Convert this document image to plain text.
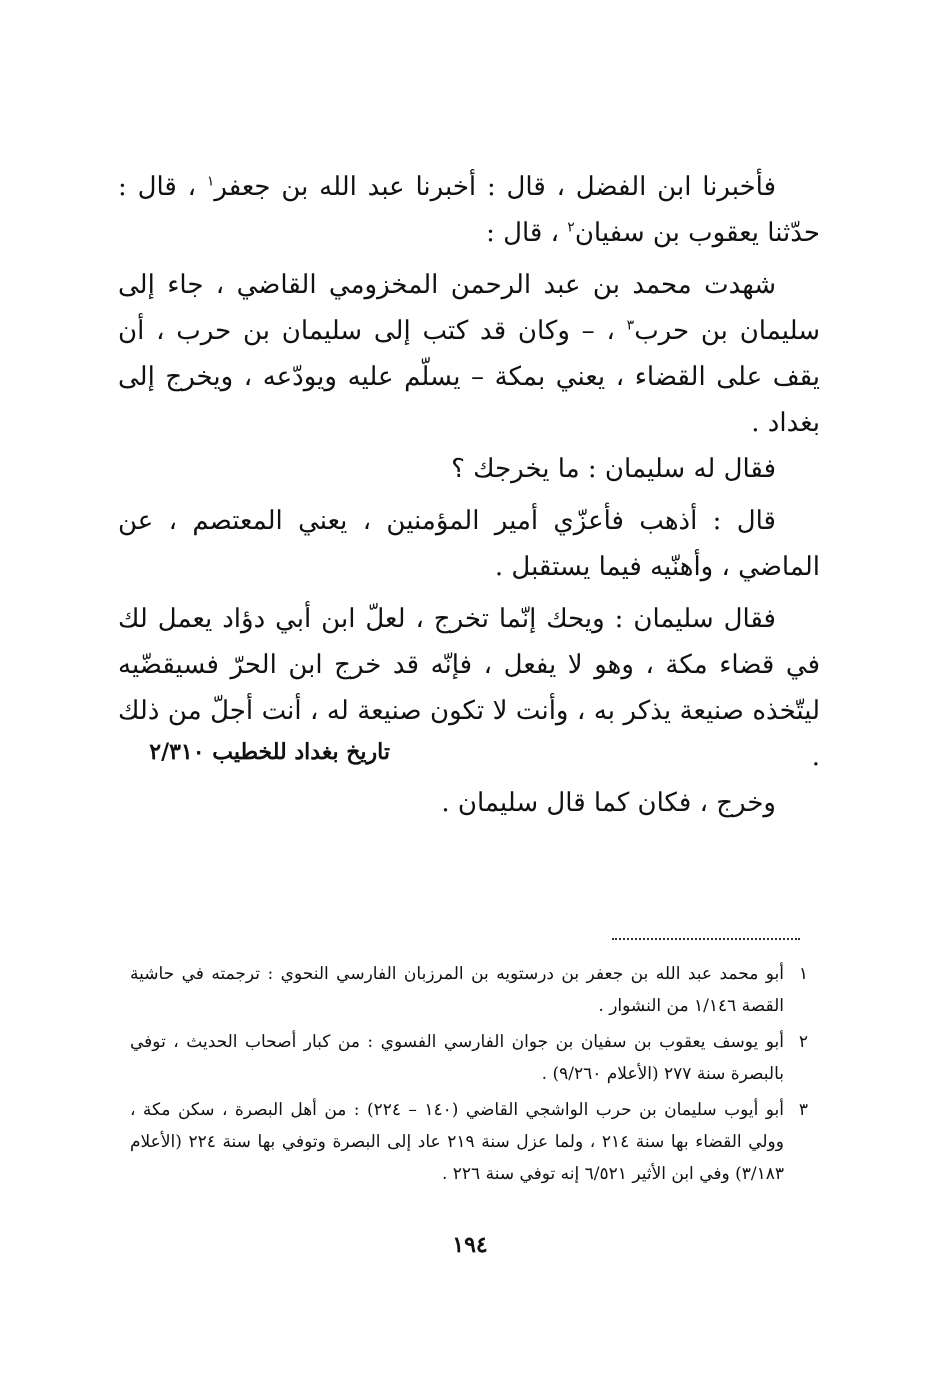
فأخبرنا ابن الفضل ، قال : أخبرنا عبد الله بن جعفر$^١$ ، قال : حدّثنا يعقوب بن سفيان$^٢$ ، قال :

شهدت محمد بن عبد الرحمن المخزومي القاضي ، جاء إلى سليمان بن حرب$^٣$ ، – وكان قد كتب إلى سليمان بن حرب ، أن يقف على القضاء ، يعني بمكة – يسلّم عليه ويودّعه ، ويخرج إلى بغداد .

فقال له سليمان : ما يخرجك ؟

قال : أذهب فأعزّي أمير المؤمنين ، يعني المعتصم ، عن الماضي ، وأهنّيه فيما يستقبل .

فقال سليمان : ويحك إنّما تخرج ، لعلّ ابن أبي دؤاد يعمل لك في قضاء مكة ، وهو لا يفعل ، فإنّه قد خرج ابن الحرّ فسيقضّيه ليتّخذه صنيعة يذكر به ، وأنت لا تكون صنيعة له ، أنت أجلّ من ذلك .

وخرج ، فكان كما قال سليمان .

تاريخ بغداد للخطيب ٢/٣١٠

١أبو محمد عبد الله بن جعفر بن درستويه بن المرزبان الفارسي النحوي : ترجمته في حاشية القصة ١/١٤٦ من النشوار .

٢أبو يوسف يعقوب بن سفيان بن جوان الفارسي الفسوي : من كبار أصحاب الحديث ، توفي بالبصرة سنة ٢٧٧ (الأعلام ٩/٢٦٠) .

٣أبو أيوب سليمان بن حرب الواشجي القاضي (١٤٠ – ٢٢٤) : من أهل البصرة ، سكن مكة ، وولي القضاء بها سنة ٢١٤ ، ولما عزل سنة ٢١٩ عاد إلى البصرة وتوفي بها سنة ٢٢٤ (الأعلام ٣/١٨٣) وفي ابن الأثير ٦/٥٢١ إنه توفي سنة ٢٢٦ .

١٩٤
